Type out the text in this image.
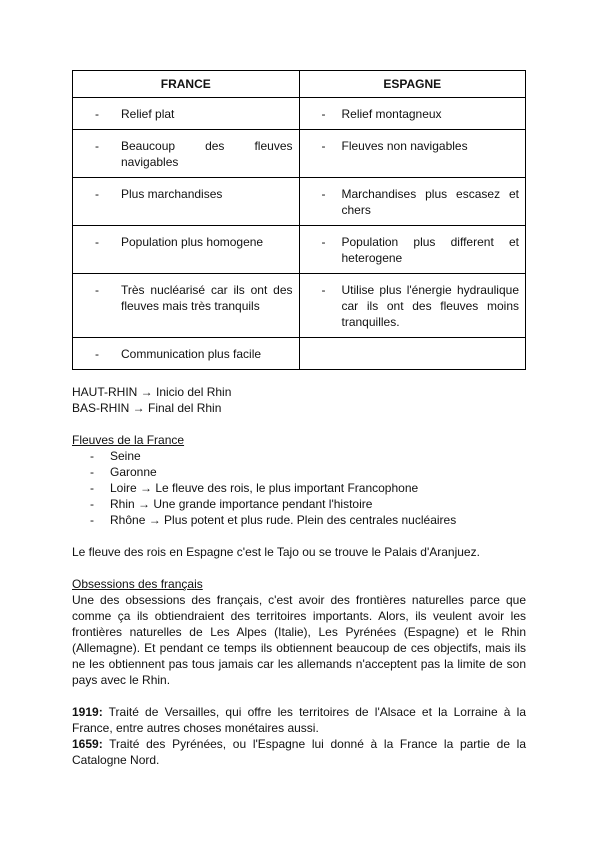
FRANCE	ESPAGNE

- Relief plat	- Relief montagneux

- Beaucoup des fleuves navigables	- Fleuves non navigables

- Plus marchandises	- Marchandises plus escasez et chers

- Population plus homogene	- Population plus different et heterogene

- Très nucléarisé car ils ont des fleuves mais très tranquils	- Utilise plus l'énergie hydraulique car ils ont des fleuves moins tranquilles.

- Communication plus facile	

HAUT-RHIN → Inicio del Rhin
BAS-RHIN → Final del Rhin
Fleuves de la France
-	Seine
-	Garonne
-	Loire → Le fleuve des rois, le plus important Francophone
-	Rhin → Une grande importance pendant l'histoire
-	Rhône → Plus potent et plus rude. Plein des centrales nucléaires
Le fleuve des rois en Espagne c'est le Tajo ou se trouve le Palais d'Aranjuez.
Obsessions des français
Une des obsessions des français, c'est avoir des frontières naturelles parce que comme ça ils obtiendraient des territoires importants. Alors, ils veulent avoir les frontières naturelles de Les Alpes (Italie), Les Pyrénées (Espagne) et le Rhin (Allemagne). Et pendant ce temps ils obtiennent beaucoup de ces objectifs, mais ils ne les obtiennent pas tous jamais car les allemands n'acceptent pas la limite de son pays avec le Rhin.
1919: Traité de Versailles, qui offre les territoires de l'Alsace et la Lorraine à la France, entre autres choses monétaires aussi.
1659: Traité des Pyrénées, ou l'Espagne lui donné à la France la partie de la Catalogne Nord.
